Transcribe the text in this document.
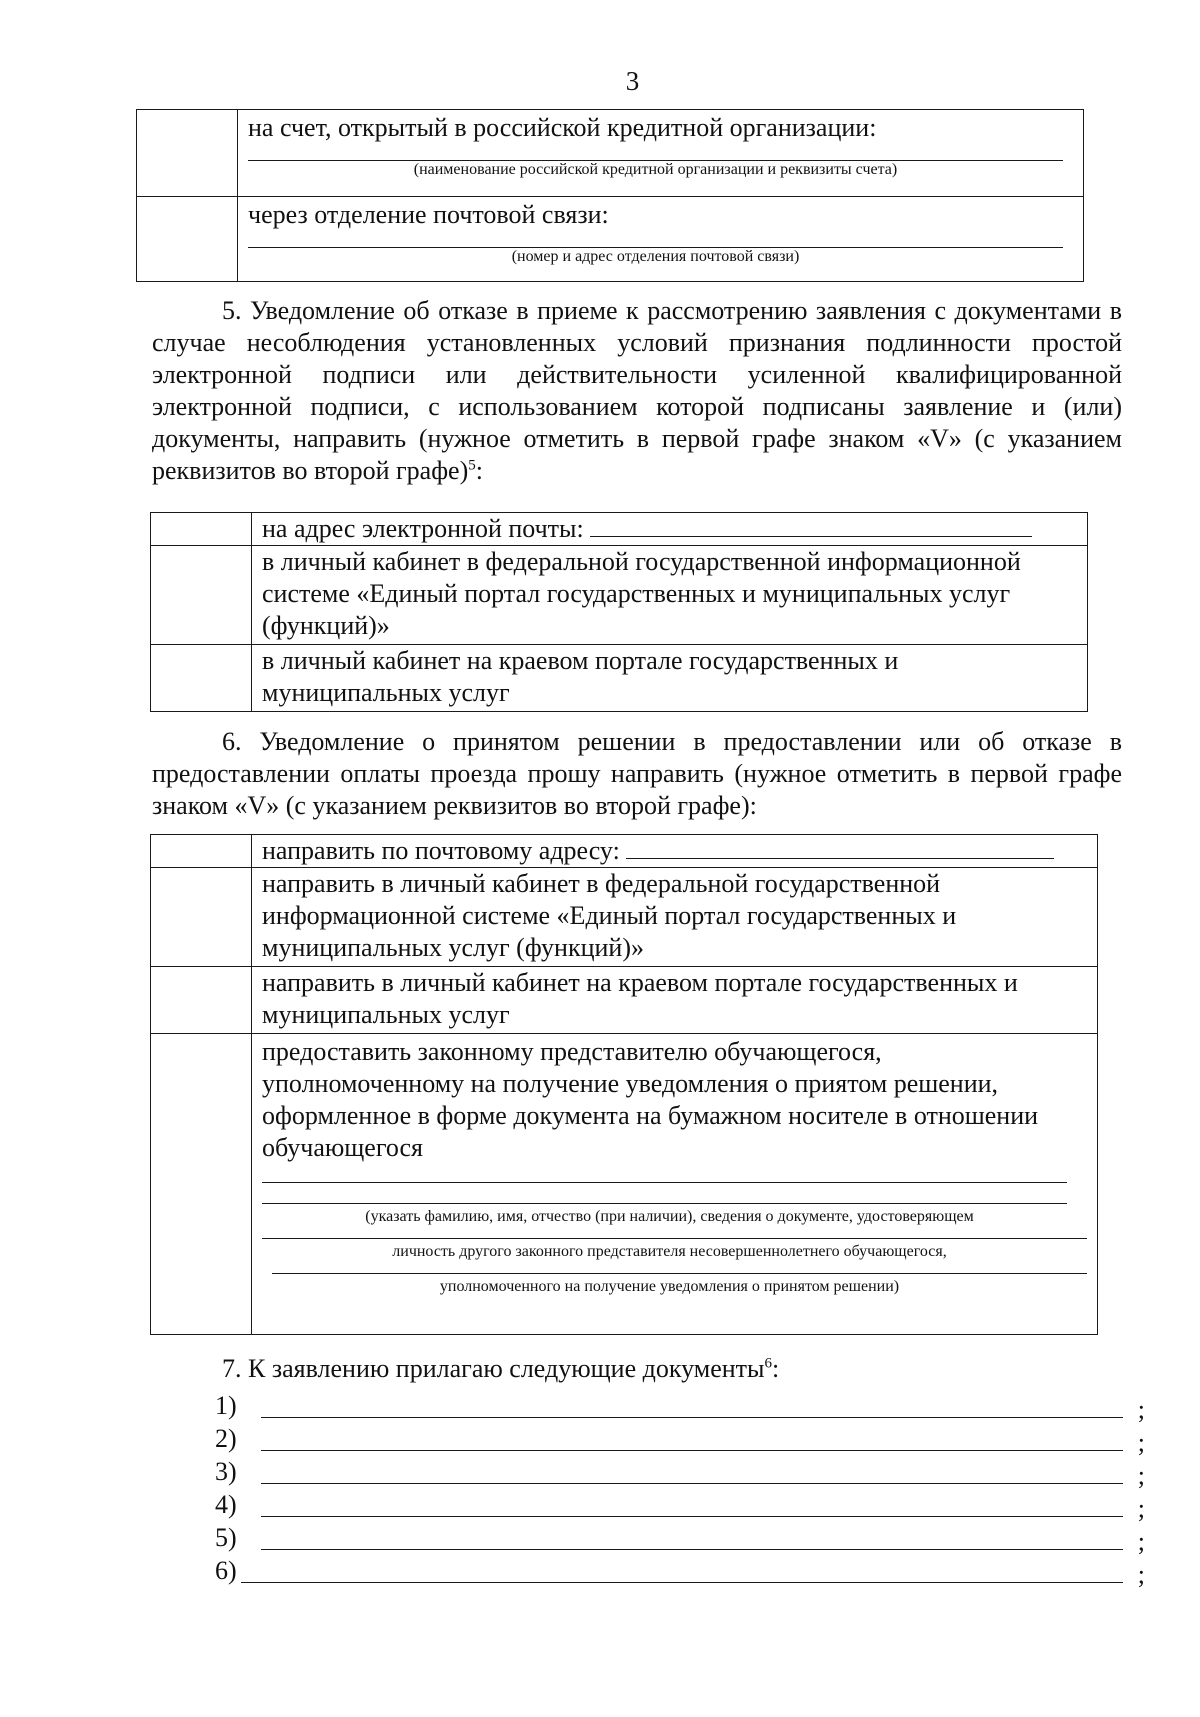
3

	на счет, открытый в российской кредитной организации:
(наименование российской кредитной организации и реквизиты счета)

	через отделение почтовой связи:
(номер и адрес отделения почтовой связи)

5. Уведомление об отказе в приеме к рассмотрению заявления с документами в случае несоблюдения установленных условий признания подлинности простой электронной подписи или действительности усиленной квалифицированной электронной подписи, с использованием которой подписаны заявление и (или) документы, направить (нужное отметить в первой графе знаком «V» (с указанием реквизитов во второй графе)$^5$:

	на адрес электронной почты:
	в личный кабинет в федеральной государственной информационной системе «Единый портал государственных и муниципальных услуг (функций)»
	в личный кабинет на краевом портале государственных и муниципальных услуг

6. Уведомление о принятом решении в предоставлении или об отказе в предоставлении оплаты проезда прошу направить (нужное отметить в первой графе знаком «V» (с указанием реквизитов во второй графе):

	направить по почтовому адресу:
	направить в личный кабинет в федеральной государственной информационной системе «Единый портал государственных и муниципальных услуг (функций)»
	направить в личный кабинет на краевом портале государственных и муниципальных услуг

	предоставить законному представителю обучающегося, уполномоченному на получение уведомления о приятом решении, оформленное в форме документа на бумажном носителе в отношении обучающегося
(указать фамилию, имя, отчество (при наличии), сведения о документе, удостоверяющем
личность другого законного представителя несовершеннолетнего обучающегося,
уполномоченного на получение уведомления о принятом решении)

7. К заявлению прилагаю следующие документы$^6$:

1)	;
2)	;
3)	;
4)	;
5)	;
6)	;
